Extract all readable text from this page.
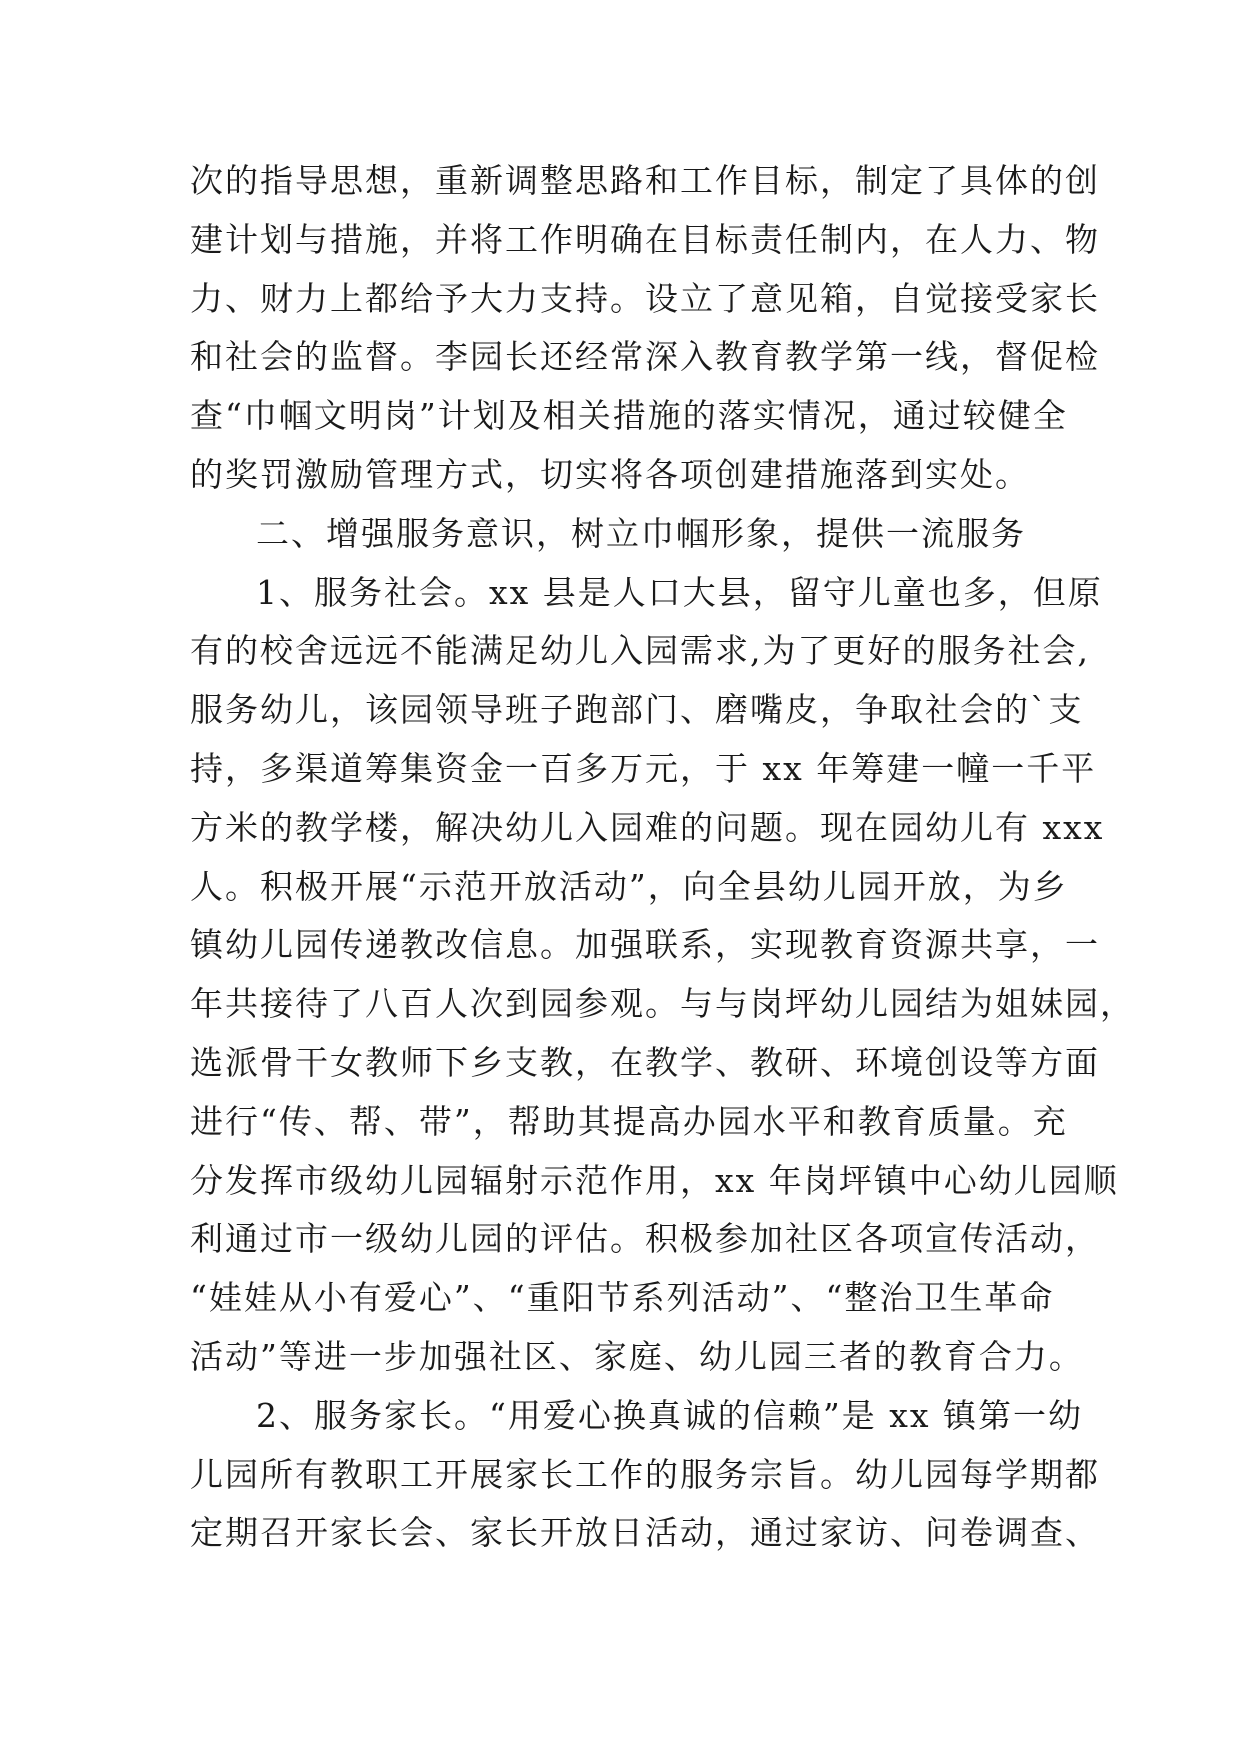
次的指导思想，重新调整思路和工作目标，制定了具体的创
建计划与措施，并将工作明确在目标责任制内，在人力、物
力、财力上都给予大力支持。设立了意见箱，自觉接受家长
和社会的监督。李园长还经常深入教育教学第一线，督促检
查“巾帼文明岗”计划及相关措施的落实情况，通过较健全
的奖罚激励管理方式，切实将各项创建措施落到实处。
二、增强服务意识，树立巾帼形象，提供一流服务
1、服务社会。xx 县是人口大县，留守儿童也多，但原
有的校舍远远不能满足幼儿入园需求,为了更好的服务社会,
服务幼儿，该园领导班子跑部门、磨嘴皮，争取社会的`支
持，多渠道筹集资金一百多万元，于 xx 年筹建一幢一千平
方米的教学楼，解决幼儿入园难的问题。现在园幼儿有 xxx
人。积极开展“示范开放活动”，向全县幼儿园开放，为乡
镇幼儿园传递教改信息。加强联系，实现教育资源共享，一
年共接待了八百人次到园参观。与与岗坪幼儿园结为姐妹园，
选派骨干女教师下乡支教，在教学、教研、环境创设等方面
进行“传、帮、带”，帮助其提高办园水平和教育质量。充
分发挥市级幼儿园辐射示范作用，xx 年岗坪镇中心幼儿园顺
利通过市一级幼儿园的评估。积极参加社区各项宣传活动，
“娃娃从小有爱心”、“重阳节系列活动”、“整治卫生革命
活动”等进一步加强社区、家庭、幼儿园三者的教育合力。
2、服务家长。“用爱心换真诚的信赖”是 xx 镇第一幼
儿园所有教职工开展家长工作的服务宗旨。幼儿园每学期都
定期召开家长会、家长开放日活动，通过家访、问卷调查、
